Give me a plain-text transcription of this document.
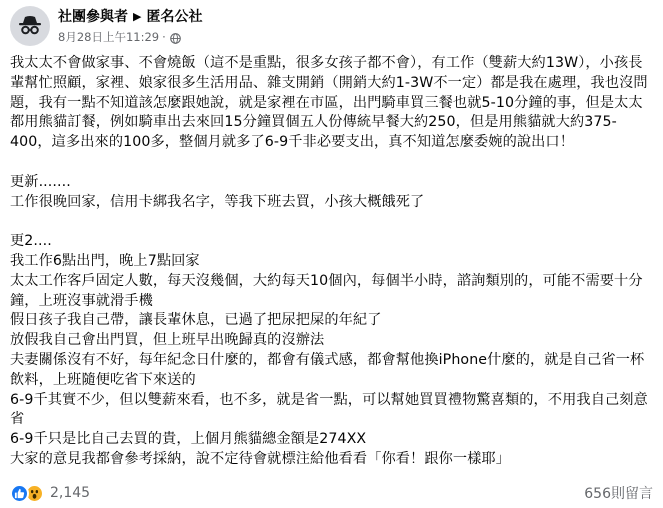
社團參與者 ▶ 匿名公社
8月28日上午11:29 ·

我太太不會做家事、不會燒飯（這不是重點，很多女孩子都不會），有工作（雙薪大約13W），小孩長輩幫忙照顧，家裡、娘家很多生活用品、雜支開銷（開銷大約1-3W不一定）都是我在處理，我也沒問題，我有一點不知道該怎麼跟她說，就是家裡在市區，出門騎車買三餐也就5-10分鐘的事，但是太太都用熊貓訂餐，例如騎車出去來回15分鐘買個五人份傳統早餐大約250，但是用熊貓就大約375-400，這多出來的100多，整個月就多了6-9千非必要支出，真不知道怎麼委婉的說出口！

更新.......

工作很晚回家，信用卡綁我名字，等我下班去買，小孩大概餓死了

更2....

我工作6點出門，晚上7點回家

太太工作客戶固定人數，每天沒幾個，大約每天10個內，每個半小時，諮詢類別的，可能不需要十分鐘，上班沒事就滑手機

假日孩子我自己帶，讓長輩休息，已過了把尿把屎的年紀了

放假我自己會出門買，但上班早出晚歸真的沒辦法

夫妻關係沒有不好，每年紀念日什麼的，都會有儀式感，都會幫他換iPhone什麼的，就是自己省一杯飲料，上班隨便吃省下來送的

6-9千其實不少，但以雙薪來看，也不多，就是省一點，可以幫她買買禮物驚喜類的，不用我自己刻意省

6-9千只是比自己去買的貴，上個月熊貓總金額是274XX

大家的意見我都會參考採納，說不定待會就標注給他看看「你看！跟你一樣耶」

2,145	656則留言
